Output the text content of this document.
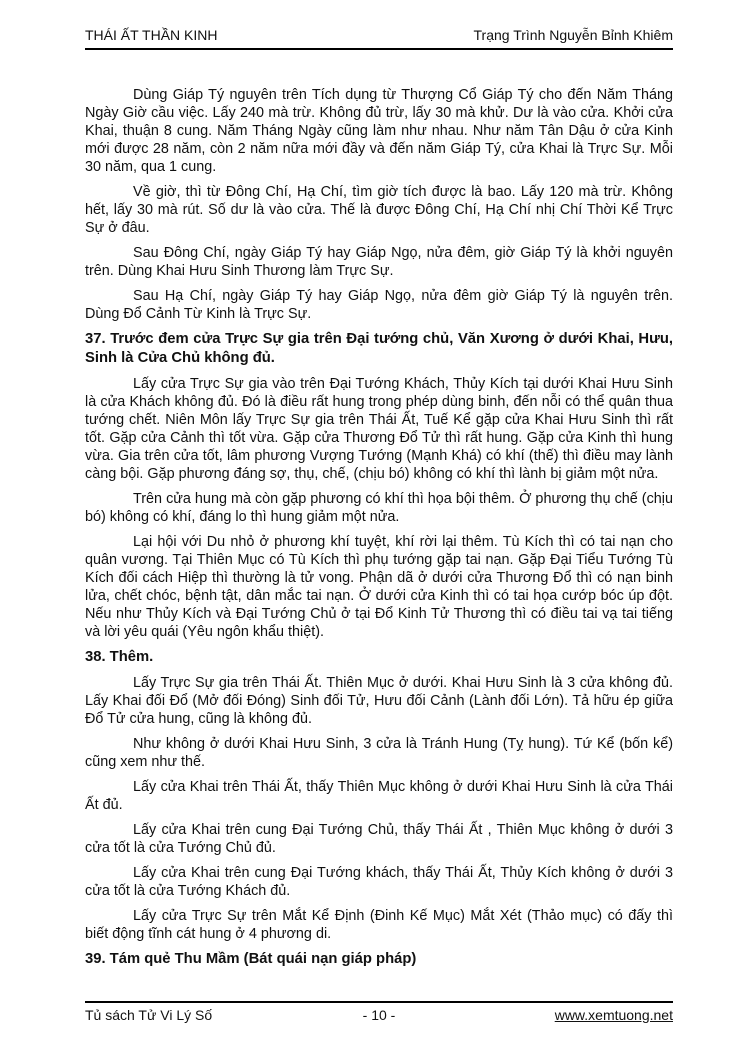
THÁI ẤT THẦN KINH	Trạng Trình Nguyễn Bỉnh Khiêm

Dùng Giáp Tý nguyên trên Tích dụng từ Thượng Cổ Giáp Tý cho đến Năm Tháng Ngày Giờ cầu việc. Lấy 240 mà trừ. Không đủ trừ, lấy 30 mà khử. Dư là vào cửa. Khởi cửa Khai, thuận 8 cung. Năm Tháng Ngày cũng làm như nhau. Như năm Tân Dậu ở cửa Kinh mới được 28 năm, còn 2 năm nữa mới đầy và đến năm Giáp Tý, cửa Khai là Trực Sự. Mỗi 30 năm, qua 1 cung.

Về giờ, thì từ Đông Chí, Hạ Chí, tìm giờ tích được là bao. Lấy 120 mà trừ. Không hết, lấy 30 mà rút. Số dư là vào cửa. Thế là được Đông Chí, Hạ Chí nhị Chí Thời Kể Trực Sự ở đâu.

Sau Đông Chí, ngày Giáp Tý hay Giáp Ngọ, nửa đêm, giờ Giáp Tý là khởi nguyên trên. Dùng Khai Hưu Sinh Thương làm Trực Sự.

Sau Hạ Chí, ngày Giáp Tý hay Giáp Ngọ, nửa đêm giờ Giáp Tý là nguyên trên. Dùng Đổ Cảnh Từ Kinh là Trực Sự.

37. Trước đem cửa Trực Sự gia trên Đại tướng chủ, Văn Xương ở dưới Khai, Hưu, Sinh là Cửa Chủ không đủ.

Lấy cửa Trực Sự gia vào trên Đại Tướng Khách, Thủy Kích tại dưới Khai Hưu Sinh là cửa Khách không đủ. Đó là điều rất hung trong phép dùng binh, đến nỗi có thể quân thua tướng chết. Niên Môn lấy Trực Sự gia trên Thái Ất, Tuế Kể gặp cửa Khai Hưu Sinh thì rất tốt. Gặp cửa Cảnh thì tốt vừa. Gặp cửa Thương Đổ Tử thì rất hung. Gặp cửa Kinh thì hung vừa. Gia trên cửa tốt, lâm phương Vượng Tướng (Mạnh Khá) có khí (thế) thì điều may lành càng bội. Gặp phương đáng sợ, thụ, chế, (chịu bó) không có khí thì lành bị giảm một nửa.

Trên cửa hung mà còn gặp phương có khí thì họa bội thêm. Ở phương thụ chế (chịu bó) không có khí, đáng lo thì hung giảm một nửa.

Lại hội với Du nhỏ ở phương khí tuyệt, khí rời lại thêm. Tù Kích thì có tai nạn cho quân vương. Tại Thiên Mục có Tù Kích thì phụ tướng gặp tai nạn. Gặp Đại Tiểu Tướng Tù Kích đối cách Hiệp thì thường là tử vong. Phận dã ở dưới cửa Thương Đổ thì có nạn binh lửa, chết chóc, bệnh tật, dân mắc tai nạn. Ở dưới cửa Kinh thì có tai họa cướp bóc úp đột. Nếu như Thủy Kích và Đại Tướng Chủ ở tại Đổ Kinh Tử Thương thì có điều tai vạ tai tiếng và lời yêu quái (Yêu ngôn khẩu thiệt).

38. Thêm.

Lấy Trực Sự gia trên Thái Ất. Thiên Mục ở dưới. Khai Hưu Sinh là 3 cửa không đủ. Lấy Khai đối Đổ (Mở đối Đóng) Sinh đối Tử, Hưu đối Cảnh (Lành đối Lớn). Tả hữu ép giữa Đổ Tử cửa hung, cũng là không đủ.

Như không ở dưới Khai Hưu Sinh, 3 cửa là Tránh Hung (Tỵ hung). Tứ Kể (bốn kể) cũng xem như thế.

Lấy cửa Khai trên Thái Ất, thấy Thiên Mục không ở dưới Khai Hưu Sinh là cửa Thái Ất đủ.

Lấy cửa Khai trên cung Đại Tướng Chủ, thấy Thái Ất , Thiên Mục không ở dưới 3 cửa tốt là cửa Tướng Chủ đủ.

Lấy cửa Khai trên cung Đại Tướng khách, thấy Thái Ất, Thủy Kích không ở dưới 3 cửa tốt là cửa Tướng Khách đủ.

Lấy cửa Trực Sự trên Mắt Kể Định (Đinh Kế Mục) Mắt Xét (Thảo mục) có đấy thì biết động tĩnh cát hung ở 4 phương di.

39. Tám quẻ Thu Mầm (Bát quái nạn giáp pháp)
- 10 -
Tủ sách Tử Vi Lý Số	www.xemtuong.net
